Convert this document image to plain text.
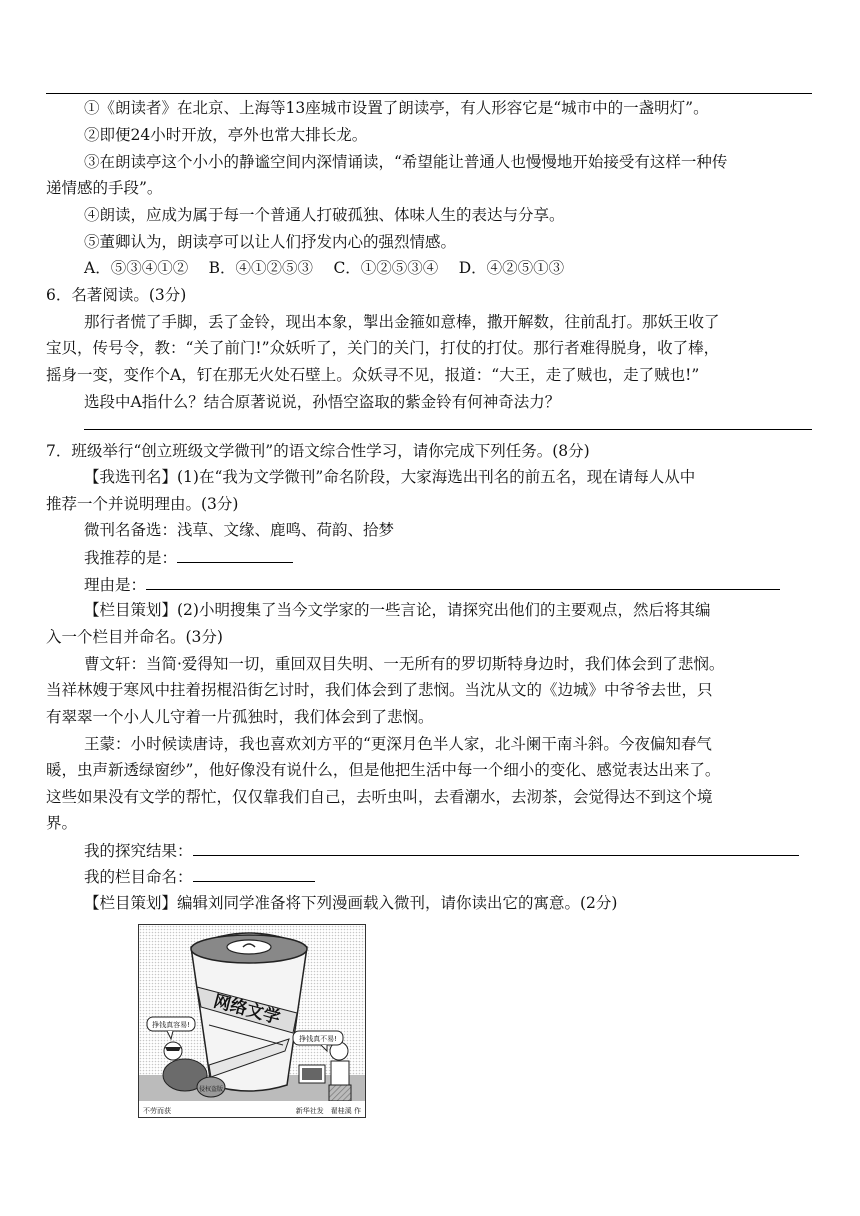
①《朗读者》在北京、上海等13座城市设置了朗读亭，有人形容它是“城市中的一盏明灯”。
②即便24小时开放，亭外也常大排长龙。
③在朗读亭这个小小的静谧空间内深情诵读，“希望能让普通人也慢慢地开始接受有这样一种传
递情感的手段”。
④朗读，应成为属于每一个普通人打破孤独、体味人生的表达与分享。
⑤董卿认为，朗读亭可以让人们抒发内心的强烈情感。
A．⑤③④①②　 B．④①②⑤③　 C．①②⑤③④　 D．④②⑤①③
6．名著阅读。(3分)
那行者慌了手脚，丢了金铃，现出本象，掣出金箍如意棒，撒开解数，往前乱打。那妖王收了
宝贝，传号令，教：“关了前门!”众妖听了，关门的关门，打仗的打仗。那行者难得脱身，收了棒，
摇身一变，变作个A，钉在那无火处石壁上。众妖寻不见，报道：“大王，走了贼也，走了贼也!”
选段中A指什么？结合原著说说，孙悟空盗取的紫金铃有何神奇法力？
7．班级举行“创立班级文学微刊”的语文综合性学习，请你完成下列任务。(8分)
【我选刊名】(1)在“我为文学微刊”命名阶段，大家海选出刊名的前五名，现在请每人从中
推荐一个并说明理由。(3分)
微刊名备选：浅草、文缘、鹿鸣、荷韵、拾梦
我推荐的是：
理由是：
【栏目策划】(2)小明搜集了当今文学家的一些言论，请探究出他们的主要观点，然后将其编
入一个栏目并命名。(3分)
曹文轩：当简·爱得知一切，重回双目失明、一无所有的罗切斯特身边时，我们体会到了悲悯。
当祥林嫂于寒风中拄着拐棍沿街乞讨时，我们体会到了悲悯。当沈从文的《边城》中爷爷去世，只
有翠翠一个小人儿守着一片孤独时，我们体会到了悲悯。
王蒙：小时候读唐诗，我也喜欢刘方平的“更深月色半人家，北斗阑干南斗斜。今夜偏知春气
暖，虫声新透绿窗纱”，他好像没有说什么，但是他把生活中每一个细小的变化、感觉表达出来了。
这些如果没有文学的帮忙，仅仅靠我们自己，去听虫叫，去看潮水，去沏茶，会觉得达不到这个境
界。
我的探究结果：
我的栏目命名：
【栏目策划】编辑刘同学准备将下列漫画载入微刊，请你读出它的寓意。(2分)
网络文学
侵权盗版
挣钱真容易!
挣钱真不易!
不劳而获	新华社发　翟桂溪 作
